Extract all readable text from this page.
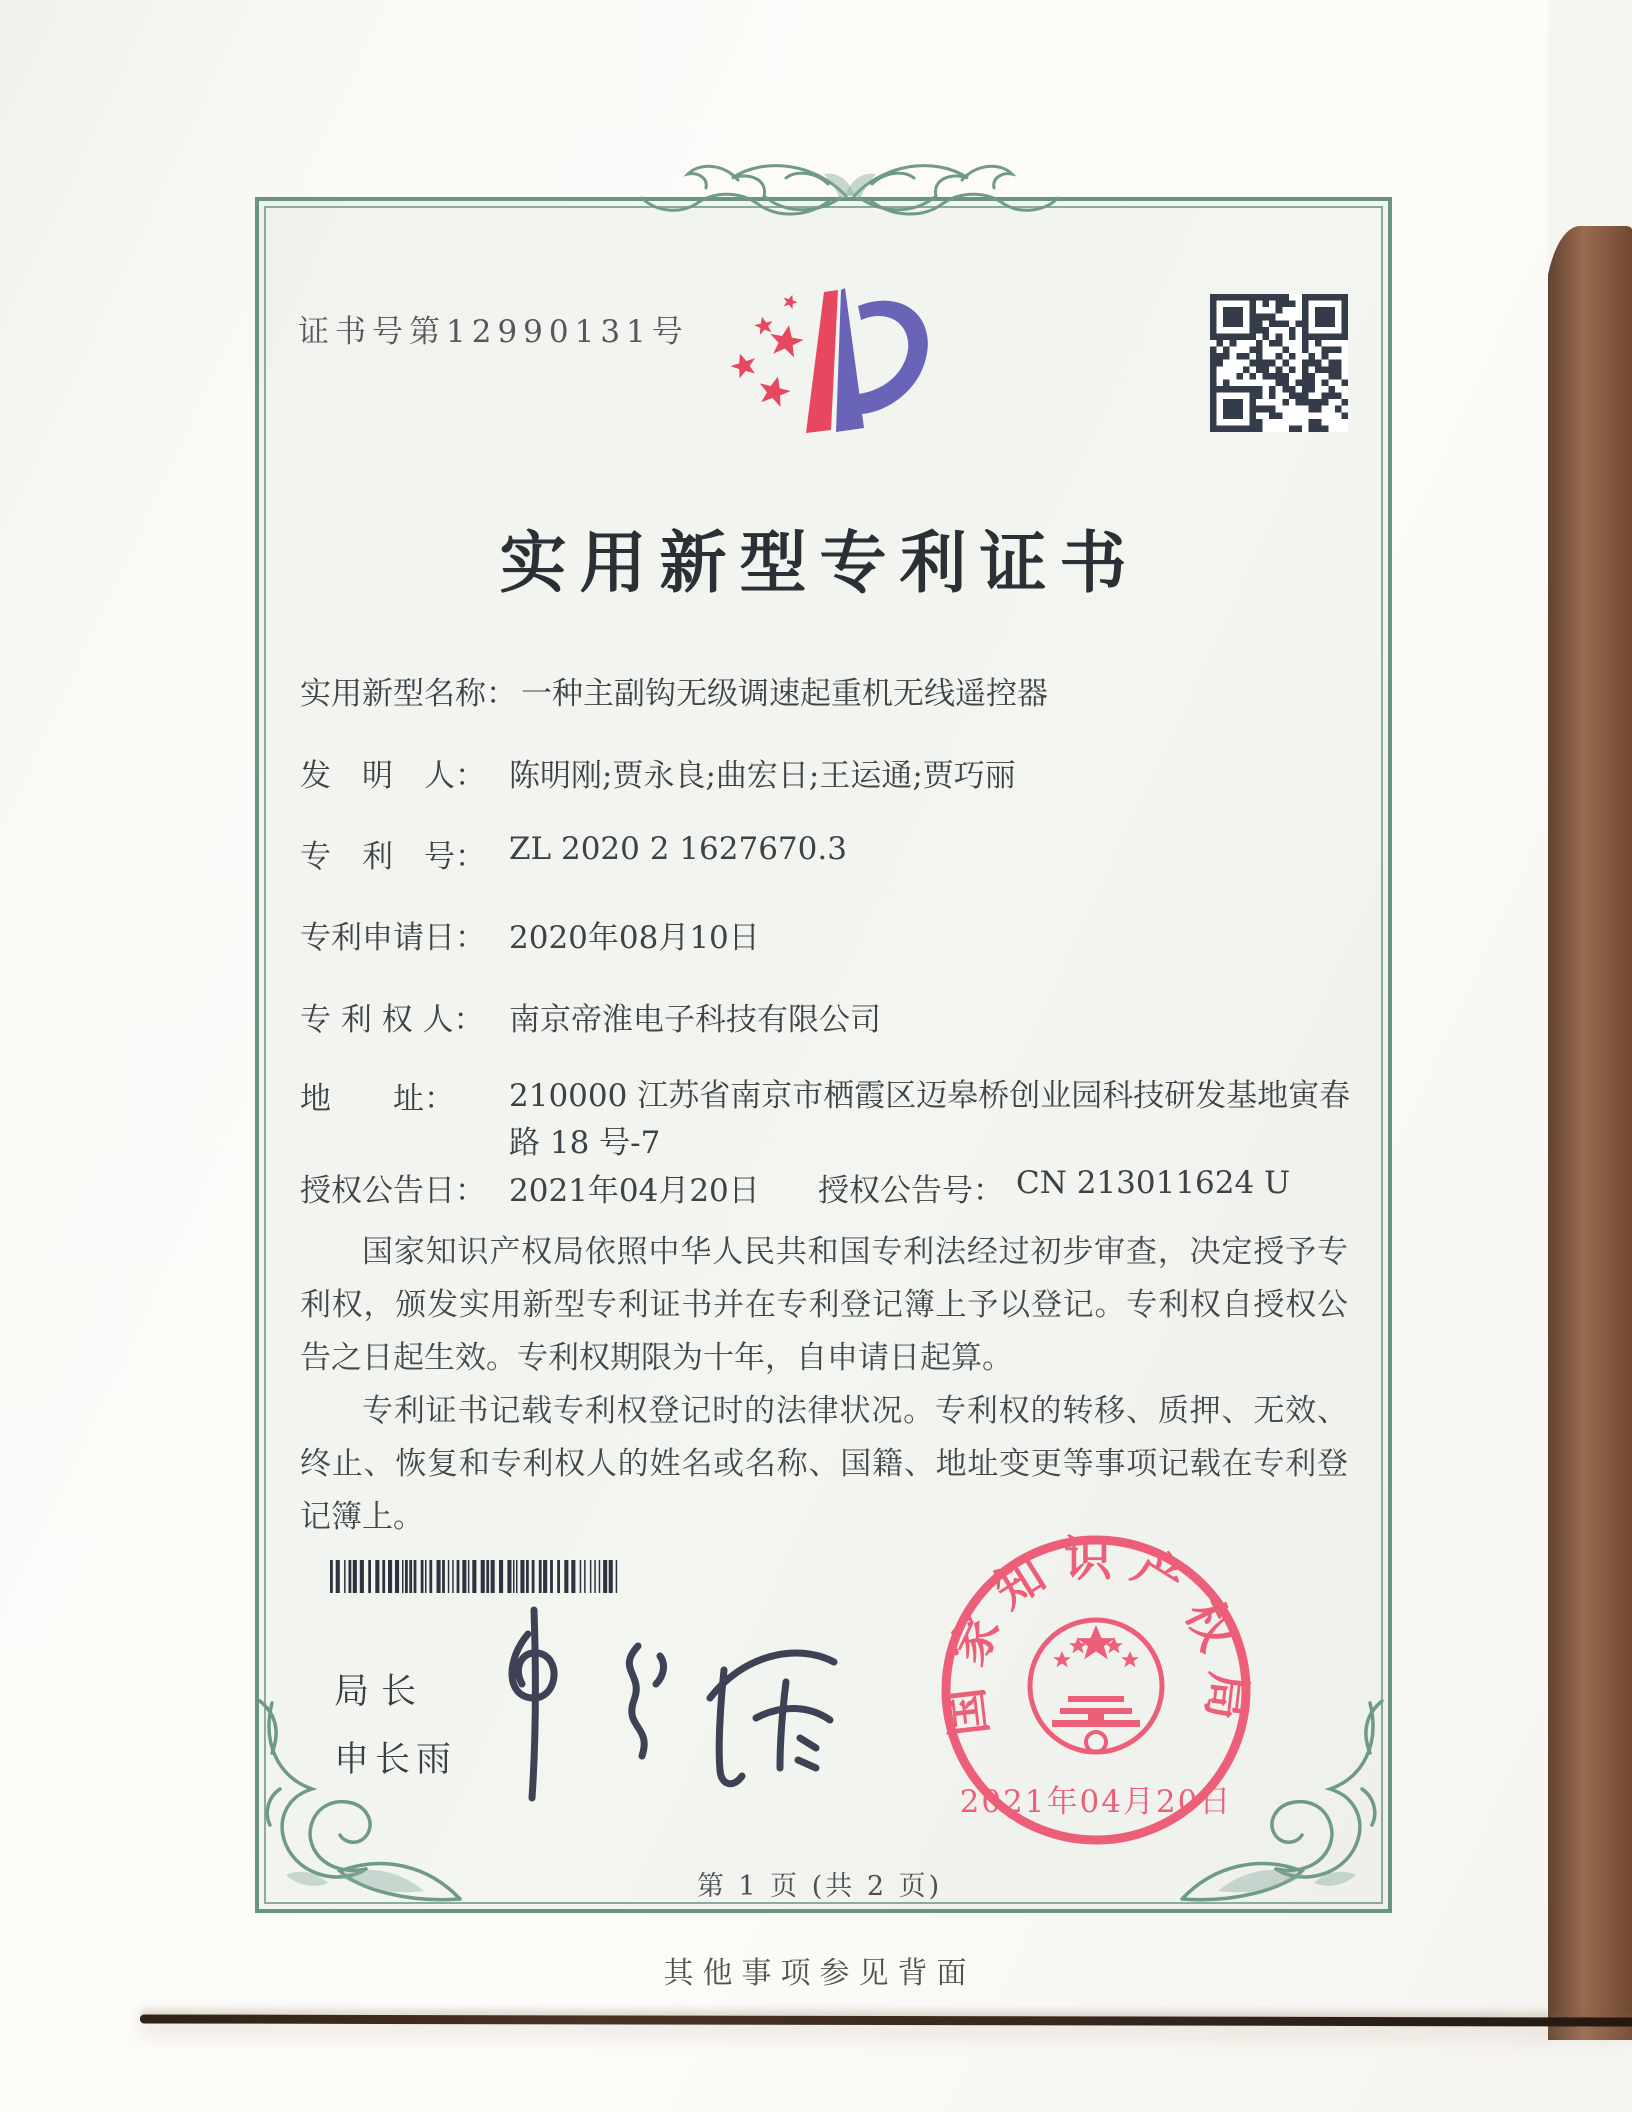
证书号第12990131号
实用新型专利证书
实用新型名称： 一种主副钩无级调速起重机无线遥控器
发　明　人： 陈明刚;贾永良;曲宏日;王运通;贾巧丽
专　利　号： ZL 2020 2 1627670.3
专利申请日： 2020年08月10日
专 利 权 人： 南京帝淮电子科技有限公司
地　　址： 210000 江苏省南京市栖霞区迈皋桥创业园科技研发基地寅春路 18 号-7
授权公告日： 2021年04月20日 授权公告号： CN 213011624 U

国家知识产权局依照中华人民共和国专利法经过初步审查，决定授予专利权，颁发实用新型专利证书并在专利登记簿上予以登记。专利权自授权公告之日起生效。专利权期限为十年，自申请日起算。

专利证书记载专利权登记时的法律状况。专利权的转移、质押、无效、终止、恢复和专利权人的姓名或名称、国籍、地址变更等事项记载在专利登记簿上。

局长
申长雨
国家知识产权局
2021年04月20日
第 1 页 (共 2 页)
其他事项参见背面
